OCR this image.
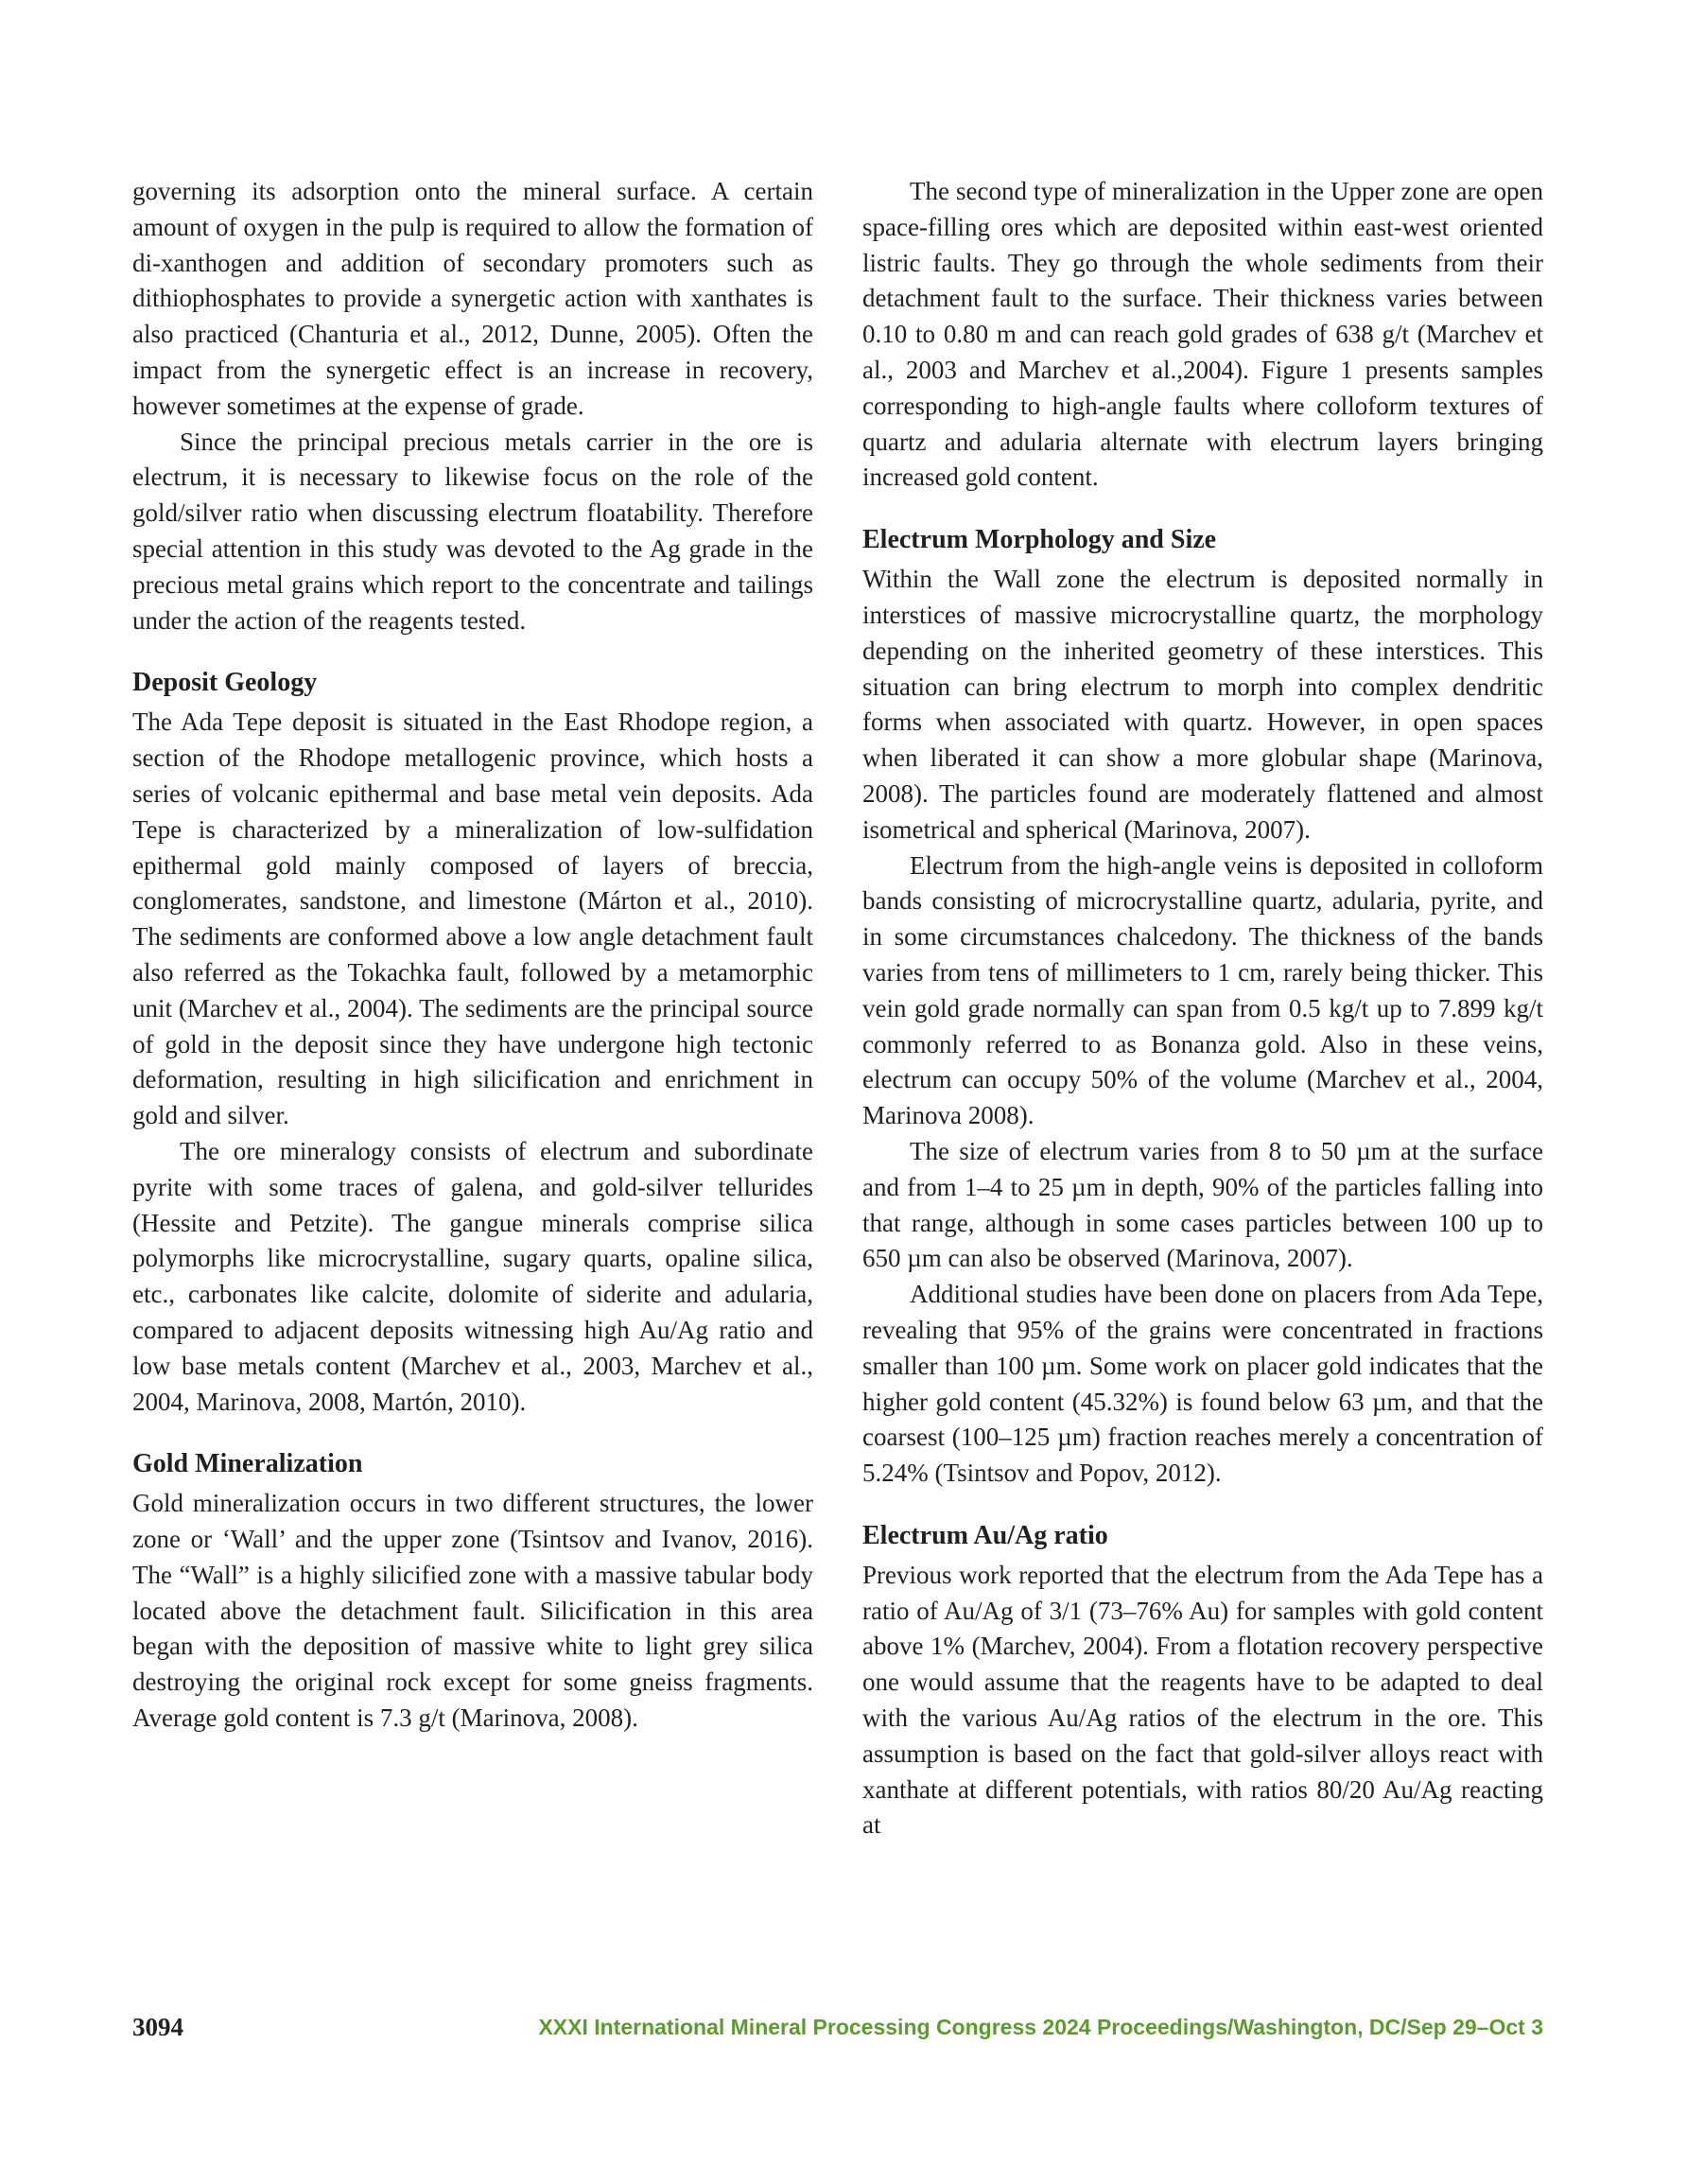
governing its adsorption onto the mineral surface. A certain amount of oxygen in the pulp is required to allow the formation of di-xanthogen and addition of secondary promoters such as dithiophosphates to provide a synergetic action with xanthates is also practiced (Chanturia et al., 2012, Dunne, 2005). Often the impact from the synergetic effect is an increase in recovery, however sometimes at the expense of grade.

Since the principal precious metals carrier in the ore is electrum, it is necessary to likewise focus on the role of the gold/silver ratio when discussing electrum floatability. Therefore special attention in this study was devoted to the Ag grade in the precious metal grains which report to the concentrate and tailings under the action of the reagents tested.

Deposit Geology

The Ada Tepe deposit is situated in the East Rhodope region, a section of the Rhodope metallogenic province, which hosts a series of volcanic epithermal and base metal vein deposits. Ada Tepe is characterized by a mineralization of low-sulfidation epithermal gold mainly composed of layers of breccia, conglomerates, sandstone, and limestone (Márton et al., 2010). The sediments are conformed above a low angle detachment fault also referred as the Tokachka fault, followed by a metamorphic unit (Marchev et al., 2004). The sediments are the principal source of gold in the deposit since they have undergone high tectonic deformation, resulting in high silicification and enrichment in gold and silver.

The ore mineralogy consists of electrum and subordinate pyrite with some traces of galena, and gold-silver tellurides (Hessite and Petzite). The gangue minerals comprise silica polymorphs like microcrystalline, sugary quarts, opaline silica, etc., carbonates like calcite, dolomite of siderite and adularia, compared to adjacent deposits witnessing high Au/Ag ratio and low base metals content (Marchev et al., 2003, Marchev et al., 2004, Marinova, 2008, Martón, 2010).

Gold Mineralization

Gold mineralization occurs in two different structures, the lower zone or ‘Wall’ and the upper zone (Tsintsov and Ivanov, 2016). The “Wall” is a highly silicified zone with a massive tabular body located above the detachment fault. Silicification in this area began with the deposition of massive white to light grey silica destroying the original rock except for some gneiss fragments. Average gold content is 7.3 g/t (Marinova, 2008).

The second type of mineralization in the Upper zone are open space-filling ores which are deposited within east-west oriented listric faults. They go through the whole sediments from their detachment fault to the surface. Their thickness varies between 0.10 to 0.80 m and can reach gold grades of 638 g/t (Marchev et al., 2003 and Marchev et al.,2004). Figure 1 presents samples corresponding to high-angle faults where colloform textures of quartz and adularia alternate with electrum layers bringing increased gold content.

Electrum Morphology and Size

Within the Wall zone the electrum is deposited normally in interstices of massive microcrystalline quartz, the morphology depending on the inherited geometry of these interstices. This situation can bring electrum to morph into complex dendritic forms when associated with quartz. However, in open spaces when liberated it can show a more globular shape (Marinova, 2008). The particles found are moderately flattened and almost isometrical and spherical (Marinova, 2007).

Electrum from the high-angle veins is deposited in colloform bands consisting of microcrystalline quartz, adularia, pyrite, and in some circumstances chalcedony. The thickness of the bands varies from tens of millimeters to 1 cm, rarely being thicker. This vein gold grade normally can span from 0.5 kg/t up to 7.899 kg/t commonly referred to as Bonanza gold. Also in these veins, electrum can occupy 50% of the volume (Marchev et al., 2004, Marinova 2008).

The size of electrum varies from 8 to 50 µm at the surface and from 1–4 to 25 µm in depth, 90% of the particles falling into that range, although in some cases particles between 100 up to 650 µm can also be observed (Marinova, 2007).

Additional studies have been done on placers from Ada Tepe, revealing that 95% of the grains were concentrated in fractions smaller than 100 µm. Some work on placer gold indicates that the higher gold content (45.32%) is found below 63 µm, and that the coarsest (100–125 µm) fraction reaches merely a concentration of 5.24% (Tsintsov and Popov, 2012).

Electrum Au/Ag ratio

Previous work reported that the electrum from the Ada Tepe has a ratio of Au/Ag of 3/1 (73–76% Au) for samples with gold content above 1% (Marchev, 2004). From a flotation recovery perspective one would assume that the reagents have to be adapted to deal with the various Au/Ag ratios of the electrum in the ore. This assumption is based on the fact that gold-silver alloys react with xanthate at different potentials, with ratios 80/20 Au/Ag reacting at

3094	XXXI International Mineral Processing Congress 2024 Proceedings/Washington, DC/Sep 29–Oct 3
